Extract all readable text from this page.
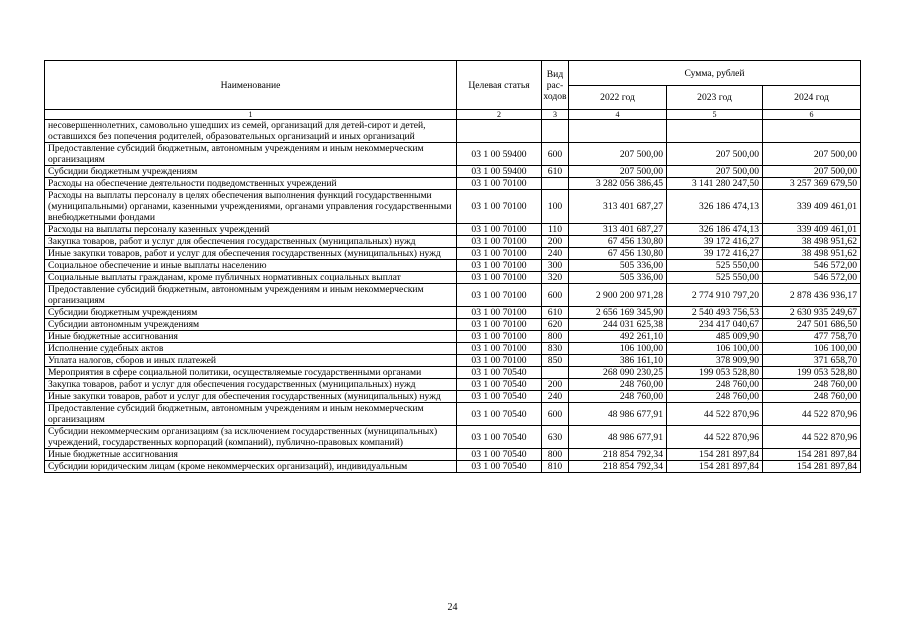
Наименование	Целевая статья	Вид рас-ходов	Сумма, рублей		
			2022 год	2023 год	2024 год
1	2	3	4	5	6
несовершеннолетних, самовольно ушедших из семей, организаций для детей-сирот и детей, оставшихся без попечения родителей, образовательных организаций и иных организаций					
Предоставление субсидий бюджетным, автономным учреждениям и иным некоммерческим организациям	03 1 00 59400	600	207 500,00	207 500,00	207 500,00
Субсидии бюджетным учреждениям	03 1 00 59400	610	207 500,00	207 500,00	207 500,00
Расходы на обеспечение деятельности подведомственных учреждений	03 1 00 70100		3 282 056 386,45	3 141 280 247,50	3 257 369 679,50
Расходы на выплаты персоналу в целях обеспечения выполнения функций государственными (муниципальными) органами, казенными учреждениями, органами управления государственными внебюджетными фондами	03 1 00 70100	100	313 401 687,27	326 186 474,13	339 409 461,01
Расходы на выплаты персоналу казенных учреждений	03 1 00 70100	110	313 401 687,27	326 186 474,13	339 409 461,01
Закупка товаров, работ и услуг для обеспечения государственных (муниципальных) нужд	03 1 00 70100	200	67 456 130,80	39 172 416,27	38 498 951,62
Иные закупки товаров, работ и услуг для обеспечения государственных (муниципальных) нужд	03 1 00 70100	240	67 456 130,80	39 172 416,27	38 498 951,62
Социальное обеспечение и иные выплаты населению	03 1 00 70100	300	505 336,00	525 550,00	546 572,00
Социальные выплаты гражданам, кроме публичных нормативных социальных выплат	03 1 00 70100	320	505 336,00	525 550,00	546 572,00
Предоставление субсидий бюджетным, автономным учреждениям и иным некоммерческим организациям	03 1 00 70100	600	2 900 200 971,28	2 774 910 797,20	2 878 436 936,17
Субсидии бюджетным учреждениям	03 1 00 70100	610	2 656 169 345,90	2 540 493 756,53	2 630 935 249,67
Субсидии автономным учреждениям	03 1 00 70100	620	244 031 625,38	234 417 040,67	247 501 686,50
Иные бюджетные ассигнования	03 1 00 70100	800	492 261,10	485 009,90	477 758,70
Исполнение судебных актов	03 1 00 70100	830	106 100,00	106 100,00	106 100,00
Уплата налогов, сборов и иных платежей	03 1 00 70100	850	386 161,10	378 909,90	371 658,70
Мероприятия в сфере социальной политики, осуществляемые государственными органами	03 1 00 70540		268 090 230,25	199 053 528,80	199 053 528,80
Закупка товаров, работ и услуг для обеспечения государственных (муниципальных) нужд	03 1 00 70540	200	248 760,00	248 760,00	248 760,00
Иные закупки товаров, работ и услуг для обеспечения государственных (муниципальных) нужд	03 1 00 70540	240	248 760,00	248 760,00	248 760,00
Предоставление субсидий бюджетным, автономным учреждениям и иным некоммерческим организациям	03 1 00 70540	600	48 986 677,91	44 522 870,96	44 522 870,96
Субсидии некоммерческим организациям (за исключением государственных (муниципальных) учреждений, государственных корпораций (компаний), публично-правовых компаний)	03 1 00 70540	630	48 986 677,91	44 522 870,96	44 522 870,96
Иные бюджетные ассигнования	03 1 00 70540	800	218 854 792,34	154 281 897,84	154 281 897,84
Субсидии юридическим лицам (кроме некоммерческих организаций), индивидуальным	03 1 00 70540	810	218 854 792,34	154 281 897,84	154 281 897,84
24
